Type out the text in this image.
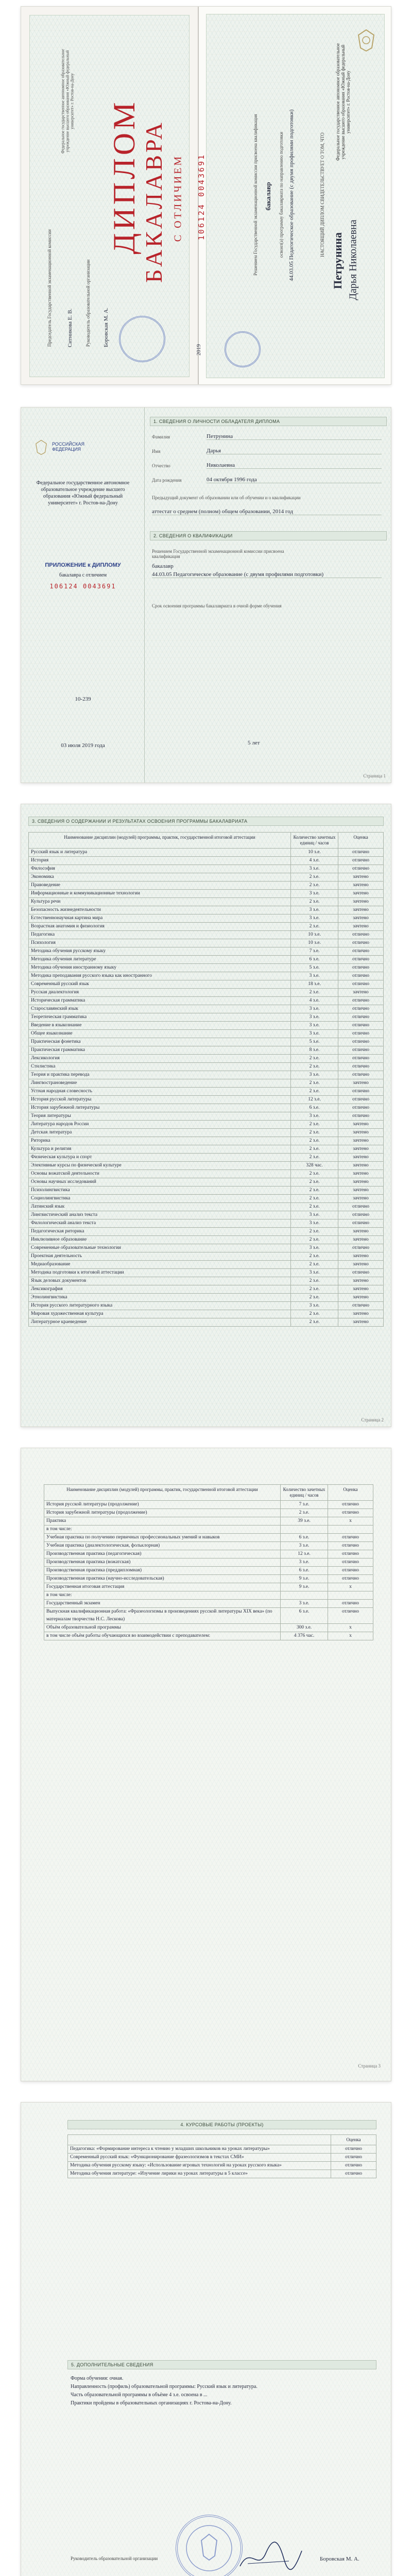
ДИПЛОМ БАКАЛАВРА С ОТЛИЧИЕМ 106124 0043691
Федеральное государственное автономное образовательное учреждение высшего образования «Южный федеральный университет» г. Ростов-на-Дону
Председатель Государственной экзаменационной комиссии	Ситникова Е. В.	Руководитель образовательной организации Боровская М. А.
Федеральное государственное автономное образовательное учреждение высшего образования «Южный федеральный университет» г. Ростов-на-Дону
НАСТОЯЩИЙ ДИПЛОМ СВИДЕТЕЛЬСТВУЕТ О ТОМ, ЧТО
Петрунина Дарья Николаевна
освоил(а) программу бакалавриата по направлению подготовки 44.03.05 Педагогическое образование (с двумя профилями подготовки)
Решением Государственной экзаменационной комиссии присвоена квалификация бакалавр
2019
РОССИЙСКАЯ ФЕДЕРАЦИЯ
Федеральное государственное автономное образовательное учреждение высшего образования «Южный федеральный университет» г. Ростов-на-Дону
ПРИЛОЖЕНИЕ к ДИПЛОМУ
бакалавра с отличием
106124 0043691
10-239
03 июля 2019 года
1. СВЕДЕНИЯ О ЛИЧНОСТИ ОБЛАДАТЕЛЯ ДИПЛОМА
Фамилия	Петрунина
Имя	Дарья
Отчество	Николаевна
Дата рождения	04 октября 1996 года
Предыдущий документ об образовании или об обучении и о квалификации
аттестат о среднем (полном) общем образовании, 2014 год
2. СВЕДЕНИЯ О КВАЛИФИКАЦИИ
Решением Государственной экзаменационной комиссии присвоена квалификация
бакалавр
44.03.05 Педагогическое образование (с двумя профилями подготовки)
Срок освоения программы бакалавриата в очной форме обучения
5 лет
Страница 1
3. СВЕДЕНИЯ О СОДЕРЖАНИИ И РЕЗУЛЬТАТАХ ОСВОЕНИЯ ПРОГРАММЫ БАКАЛАВРИАТА
Наименование дисциплин (модулей) программы, практик, государственной итоговой аттестации	Количество зачетных единиц / часов	Оценка
Русский язык и литература	10 з.е.	отлично
История	4 з.е.	отлично
Философия	3 з.е.	отлично
Экономика	2 з.е.	зачтено
Правоведение	2 з.е.	зачтено
Информационные и коммуникационные технологии	3 з.е.	зачтено
Культура речи	2 з.е.	зачтено
Безопасность жизнедеятельности	3 з.е.	зачтено
Естественнонаучная картина мира	3 з.е.	зачтено
Возрастная анатомия и физиология	2 з.е.	зачтено
Педагогика	10 з.е.	отлично
Психология	10 з.е.	отлично
Методика обучения русскому языку	7 з.е.	отлично
Методика обучения литературе	6 з.е.	отлично
Методика обучения иностранному языку	5 з.е.	отлично
Методика преподавания русского языка как иностранного	3 з.е.	отлично
Современный русский язык	18 з.е.	отлично
Русская диалектология	2 з.е.	зачтено
Историческая грамматика	4 з.е.	отлично
Старославянский язык	3 з.е.	отлично
Теоретическая грамматика	3 з.е.	отлично
Введение в языкознание	3 з.е.	отлично
Общее языкознание	3 з.е.	отлично
Практическая фонетика	5 з.е.	отлично
Практическая грамматика	8 з.е.	отлично
Лексикология	2 з.е.	отлично
Стилистика	2 з.е.	отлично
Теория и практика перевода	3 з.е.	отлично
Лингвострановедение	2 з.е.	зачтено
Устная народная словесность	2 з.е.	отлично
История русской литературы	12 з.е.	отлично
История зарубежной литературы	6 з.е.	отлично
Теория литературы	3 з.е.	отлично
Литература народов России	2 з.е.	зачтено
Детская литература	2 з.е.	зачтено
Риторика	2 з.е.	зачтено
Культура и религия	2 з.е.	зачтено
Физическая культура и спорт	2 з.е.	зачтено
Элективные курсы по физической культуре	328 час.	зачтено
Основы вожатской деятельности	2 з.е.	зачтено
Основы научных исследований	2 з.е.	зачтено
Психолингвистика	2 з.е.	зачтено
Социолингвистика	2 з.е.	зачтено
Латинский язык	2 з.е.	отлично
Лингвистический анализ текста	3 з.е.	отлично
Филологический анализ текста	3 з.е.	отлично
Педагогическая риторика	2 з.е.	зачтено
Инклюзивное образование	2 з.е.	зачтено
Современные образовательные технологии	3 з.е.	отлично
Проектная деятельность	2 з.е.	зачтено
Медиаобразование	2 з.е.	зачтено
Методика подготовки к итоговой аттестации	3 з.е.	отлично
Язык деловых документов	2 з.е.	зачтено
Лексикография	2 з.е.	зачтено
Этнолингвистика	2 з.е.	зачтено
История русского литературного языка	3 з.е.	отлично
Мировая художественная культура	2 з.е.	зачтено
Литературное краеведение	2 з.е.	зачтено
Страница 2
Наименование дисциплин (модулей) программы, практик, государственной итоговой аттестации	Количество зачетных единиц / часов	Оценка
История русской литературы (продолжение)	7 з.е.	отлично
История зарубежной литературы (продолжение)	2 з.е.	отлично
Практика	39 з.е.	х
в том числе:		
Учебная практика по получению первичных профессиональных умений и навыков	6 з.е.	отлично
Учебная практика (диалектологическая, фольклорная)	3 з.е.	отлично
Производственная практика (педагогическая)	12 з.е.	отлично
Производственная практика (вожатская)	3 з.е.	отлично
Производственная практика (преддипломная)	6 з.е.	отлично
Производственная практика (научно-исследовательская)	9 з.е.	отлично
Государственная итоговая аттестация	9 з.е.	х
в том числе:		
Государственный экзамен	3 з.е.	отлично
Выпускная квалификационная работа: «Фразеологизмы в произведениях русской литературы XIX века» (по материалам творчества Н.С. Лескова)	6 з.е.	отлично
Объём образовательной программы	300 з.е.	х
в том числе объём работы обучающихся во взаимодействии с преподавателем:	4 376 час.	х
Страница 3
4. КУРСОВЫЕ РАБОТЫ (ПРОЕКТЫ)
	Оценка
Педагогика: «Формирование интереса к чтению у младших школьников на уроках литературы»	отлично
Современный русский язык: «Функционирование фразеологизмов в текстах СМИ»	отлично
Методика обучения русскому языку: «Использование игровых технологий на уроках русского языка»	отлично
Методика обучения литературе: «Изучение лирики на уроках литературы в 5 классе»	отлично
5. ДОПОЛНИТЕЛЬНЫЕ СВЕДЕНИЯ
Форма обучения: очная.
Направленность (профиль) образовательной программы: Русский язык и литература.
Часть образовательной программы в объёме 4 з.е. освоена в ...
Практики пройдены в образовательных организациях г. Ростова-на-Дону.
Руководитель образовательной организации	Боровская М. А.
